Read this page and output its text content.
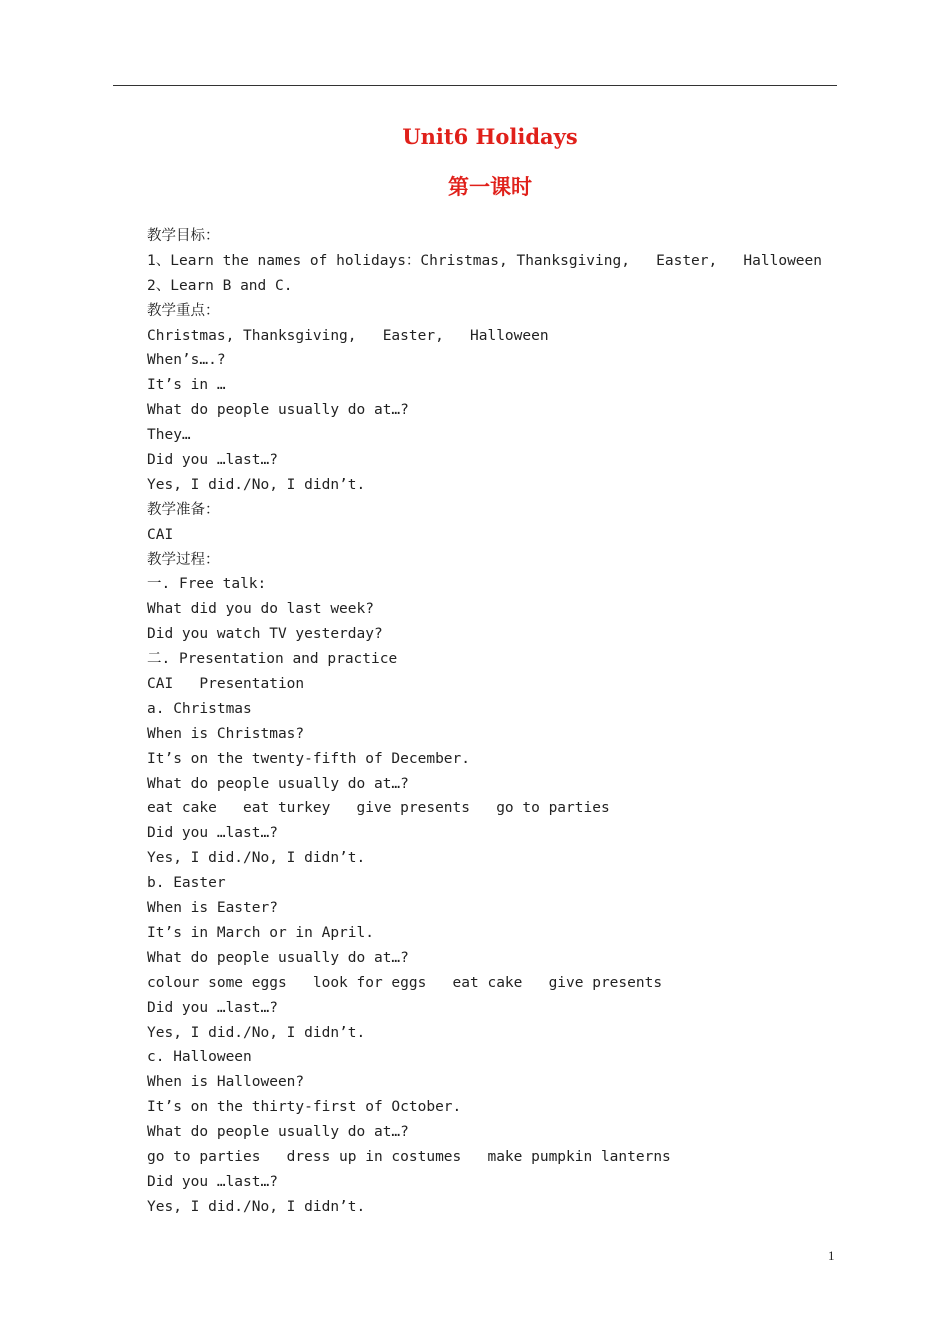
Unit6 Holidays
第一课时
教学目标：
1、Learn the names of holidays：Christmas, Thanksgiving,   Easter,   Halloween
2、Learn B and C.
教学重点：
Christmas, Thanksgiving,   Easter,   Halloween
When’s….?
It’s in …
What do people usually do at…?
They…
Did you …last…?
Yes, I did./No, I didn’t.
教学准备：
CAI
教学过程：
一. Free talk:
What did you do last week?
Did you watch TV yesterday?
二. Presentation and practice
CAI   Presentation
a. Christmas
When is Christmas?
It’s on the twenty-fifth of December.
What do people usually do at…?
eat cake   eat turkey   give presents   go to parties
Did you …last…?
Yes, I did./No, I didn’t.
b. Easter
When is Easter?
It’s in March or in April.
What do people usually do at…?
colour some eggs   look for eggs   eat cake   give presents
Did you …last…?
Yes, I did./No, I didn’t.
c. Halloween
When is Halloween?
It’s on the thirty-first of October.
What do people usually do at…?
go to parties   dress up in costumes   make pumpkin lanterns
Did you …last…?
Yes, I did./No, I didn’t.
1
